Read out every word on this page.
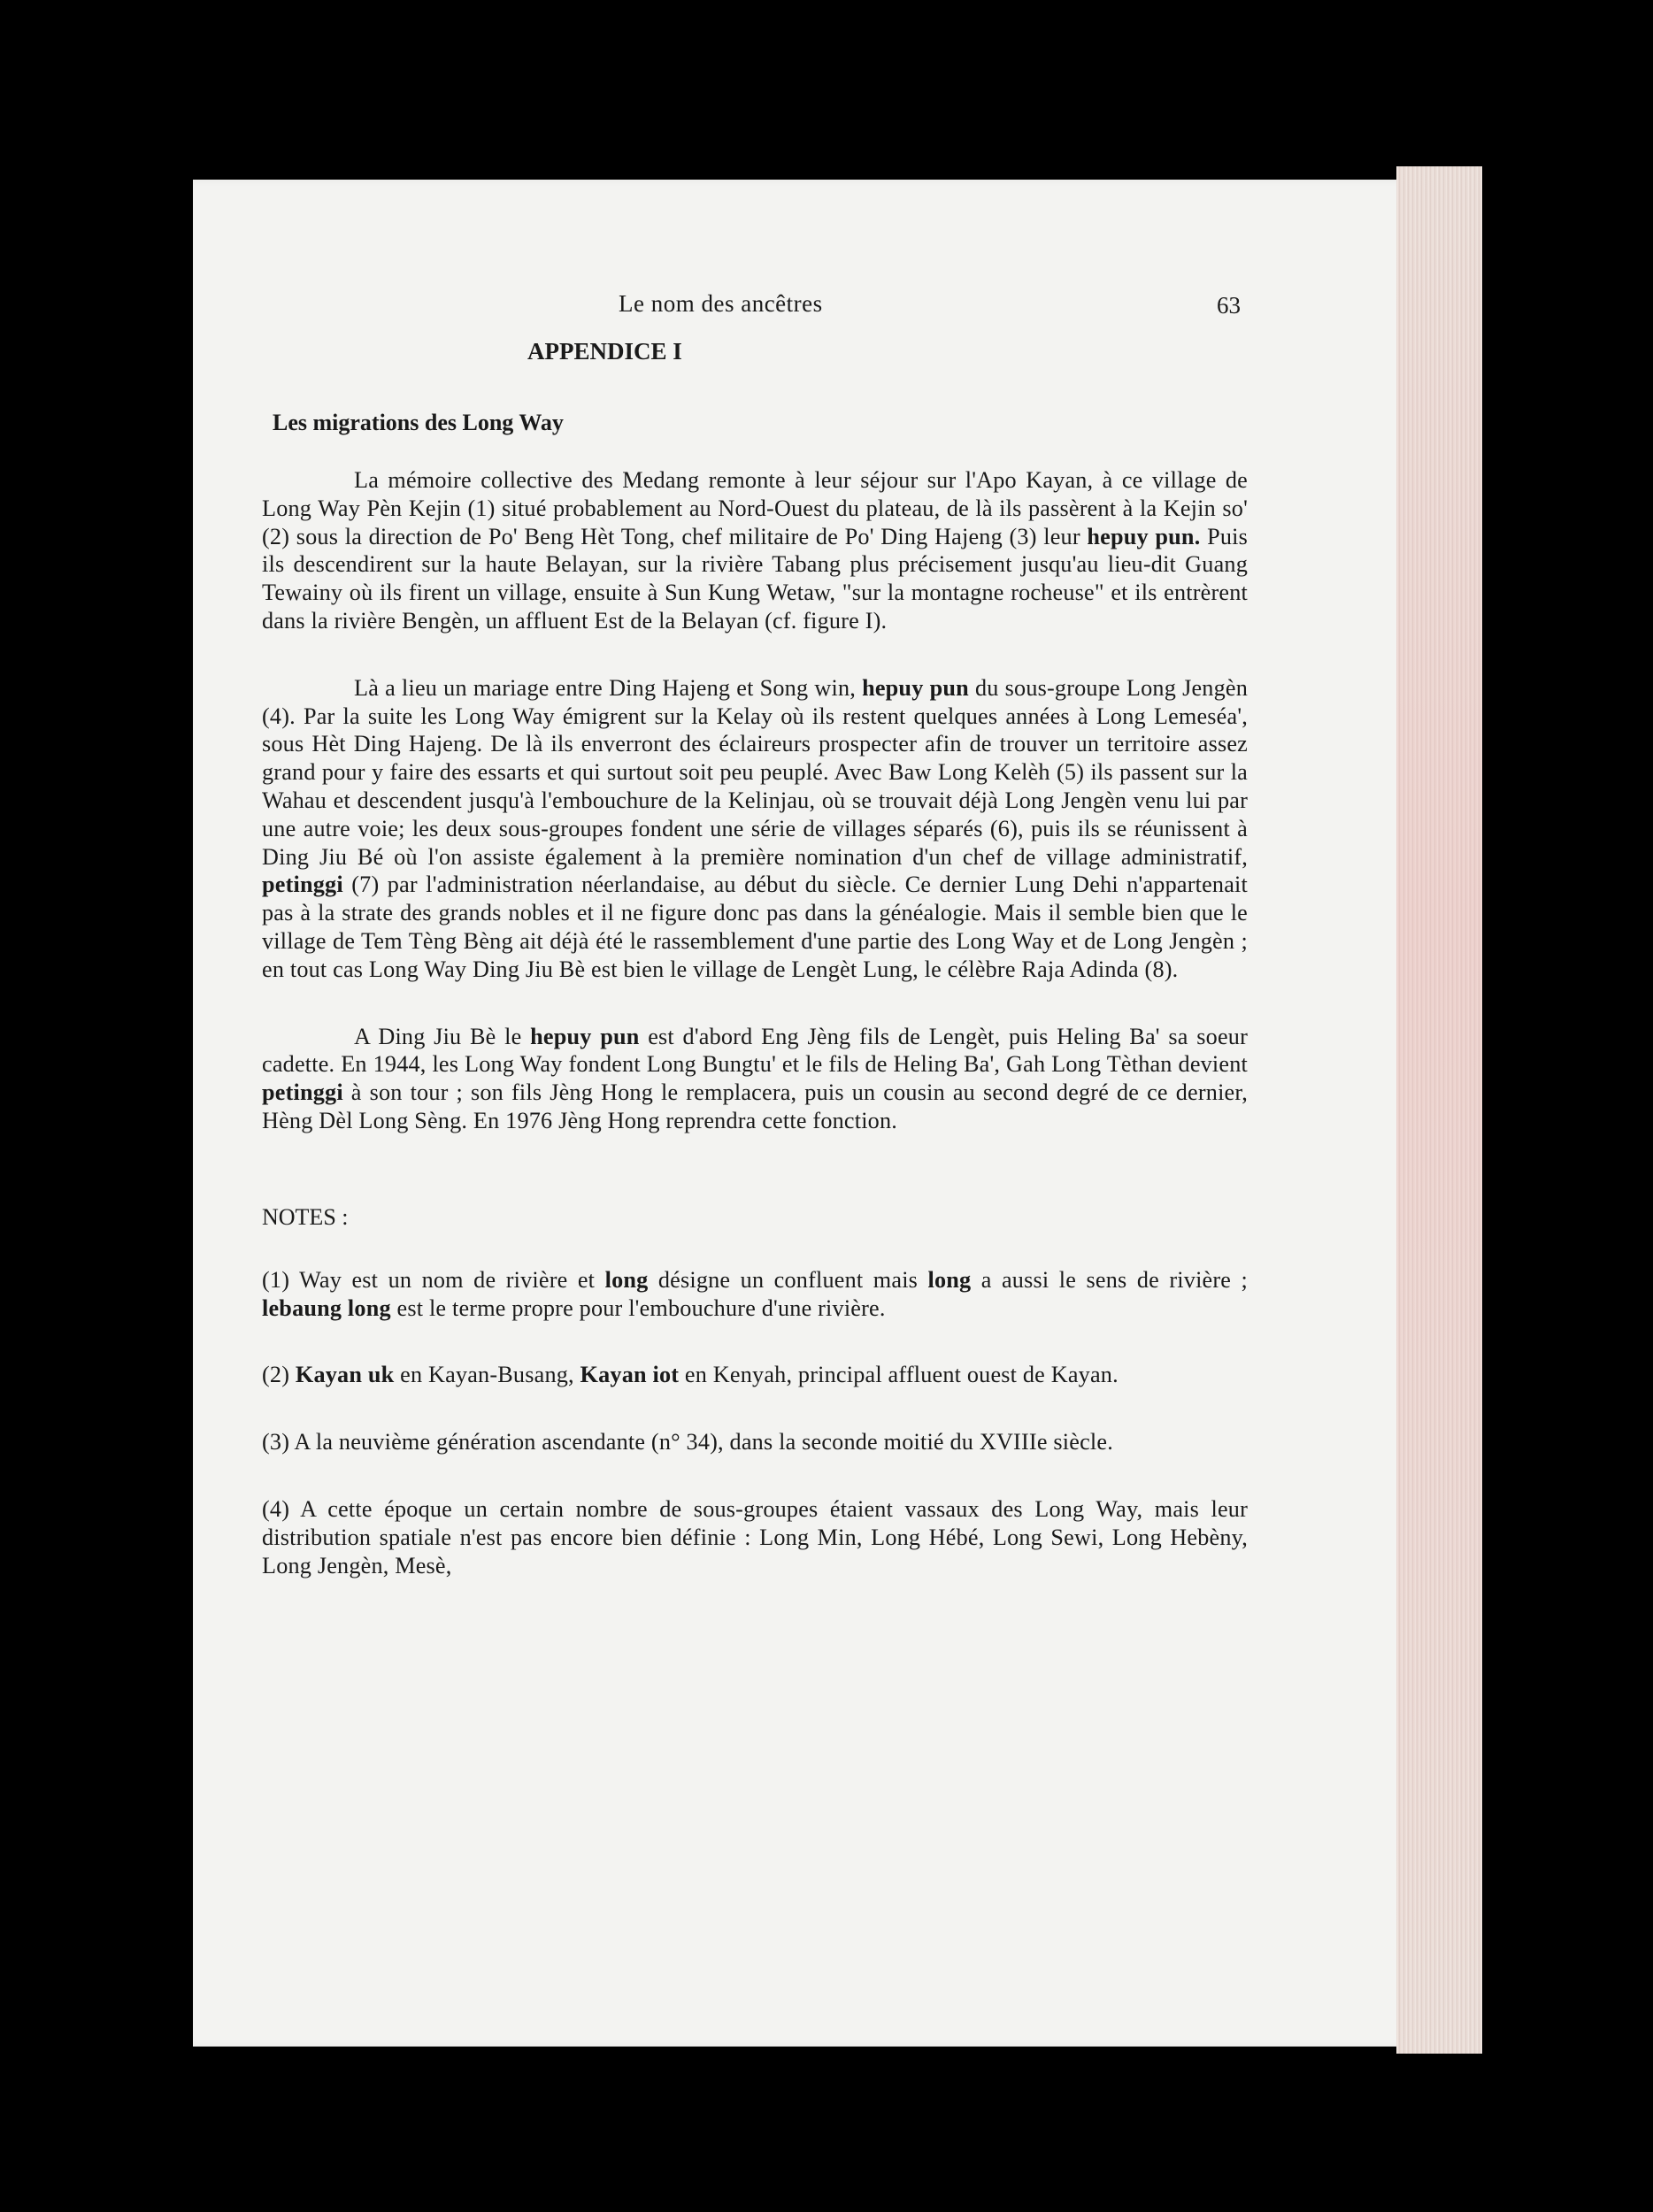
Le nom des ancêtres	63
APPENDICE I
Les migrations des Long Way

La mémoire collective des Medang remonte à leur séjour sur l'Apo Kayan, à ce village de Long Way Pèn Kejin (1) situé probablement au Nord-Ouest du plateau, de là ils passèrent à la Kejin so' (2) sous la direction de Po' Beng Hèt Tong, chef militaire de Po' Ding Hajeng (3) leur hepuy pun. Puis ils descendirent sur la haute Belayan, sur la rivière Tabang plus précisement jusqu'au lieu-dit Guang Tewainy où ils firent un village, ensuite à Sun Kung Wetaw, "sur la montagne rocheuse" et ils entrèrent dans la rivière Bengèn, un affluent Est de la Belayan (cf. figure I).

Là a lieu un mariage entre Ding Hajeng et Song win, hepuy pun du sous-groupe Long Jengèn (4). Par la suite les Long Way émigrent sur la Kelay où ils restent quelques années à Long Lemeséa', sous Hèt Ding Hajeng. De là ils enverront des éclaireurs prospecter afin de trouver un territoire assez grand pour y faire des essarts et qui surtout soit peu peuplé. Avec Baw Long Kelèh (5) ils passent sur la Wahau et descendent jusqu'à l'embouchure de la Kelinjau, où se trouvait déjà Long Jengèn venu lui par une autre voie; les deux sous-groupes fondent une série de villages séparés (6), puis ils se réunissent à Ding Jiu Bé où l'on assiste également à la première nomination d'un chef de village administratif, petinggi (7) par l'administration néerlandaise, au début du siècle. Ce dernier Lung Dehi n'appartenait pas à la strate des grands nobles et il ne figure donc pas dans la généalogie. Mais il semble bien que le village de Tem Tèng Bèng ait déjà été le rassemblement d'une partie des Long Way et de Long Jengèn ; en tout cas Long Way Ding Jiu Bè est bien le village de Lengèt Lung, le célèbre Raja Adinda (8).

A Ding Jiu Bè le hepuy pun est d'abord Eng Jèng fils de Lengèt, puis Heling Ba' sa soeur cadette. En 1944, les Long Way fondent Long Bungtu' et le fils de Heling Ba', Gah Long Tèthan devient petinggi à son tour ; son fils Jèng Hong le remplacera, puis un cousin au second degré de ce dernier, Hèng Dèl Long Sèng. En 1976 Jèng Hong reprendra cette fonction.

NOTES :

(1) Way est un nom de rivière et long désigne un confluent mais long a aussi le sens de rivière ; lebaung long est le terme propre pour l'embouchure d'une rivière.

(2) Kayan uk en Kayan-Busang, Kayan iot en Kenyah, principal affluent ouest de Kayan.

(3) A la neuvième génération ascendante (n° 34), dans la seconde moitié du XVIIIe siècle.

(4) A cette époque un certain nombre de sous-groupes étaient vassaux des Long Way, mais leur distribution spatiale n'est pas encore bien définie : Long Min, Long Hébé, Long Sewi, Long Hebèny, Long Jengèn, Mesè,
